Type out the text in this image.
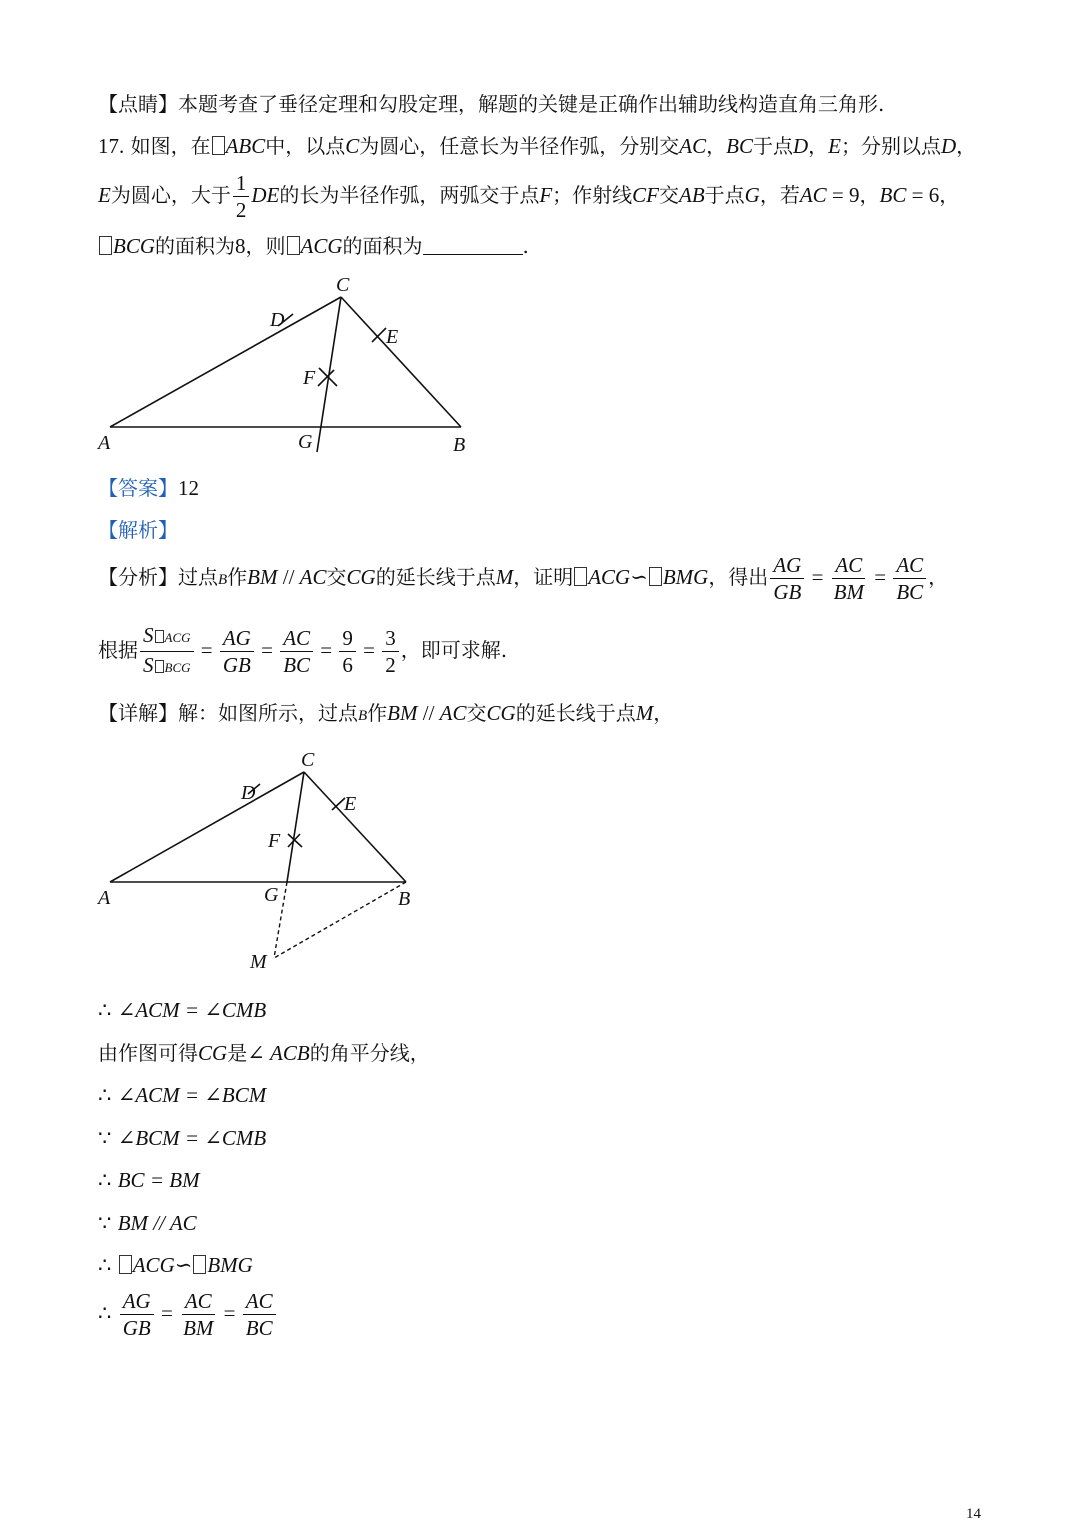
【点睛】本题考查了垂径定理和勾股定理，解题的关键是正确作出辅助线构造直角三角形.
17. 如图，在 ABC中，以点C为圆心，任意长为半径作弧，分别交AC，BC于点D，E；分别以点D，
E为圆心，大于 $\frac{1}{2}$ DE的长为半径作弧，两弧交于点F；作射线CF交AB于点G，若AC = 9，BC = 6，
BCG的面积为8，则 ACG的面积为	.
A	B
C
D
E
F
G
【答案】12
【解析】
【分析】过点B作BM // AC交CG的延长线于点M，证明 ACG∽ BMG，得出 $\frac{AG}{GB} = \frac{AC}{BM} = \frac{AC}{BC}$ ，
根据 $\frac{\text{S ACG}}{\text{S BCG}} = \frac{AG}{GB} = \frac{AC}{BC} = \frac{9}{6} = \frac{3}{2}$ ，即可求解.
【详解】解：如图所示，过点B作BM // AC交CG的延长线于点M，
A	B
C
D	E
F
G
M
∴ ∠ACM = ∠CMB
由作图可得CG是∠ ACB的角平分线，
∴ ∠ACM = ∠BCM
∵ ∠BCM = ∠CMB
∴ BC = BM
∵ BM // AC
∴ ACG∽ BMG
∴ $\frac{AG}{GB} = \frac{AC}{BM} = \frac{AC}{BC}$
14
